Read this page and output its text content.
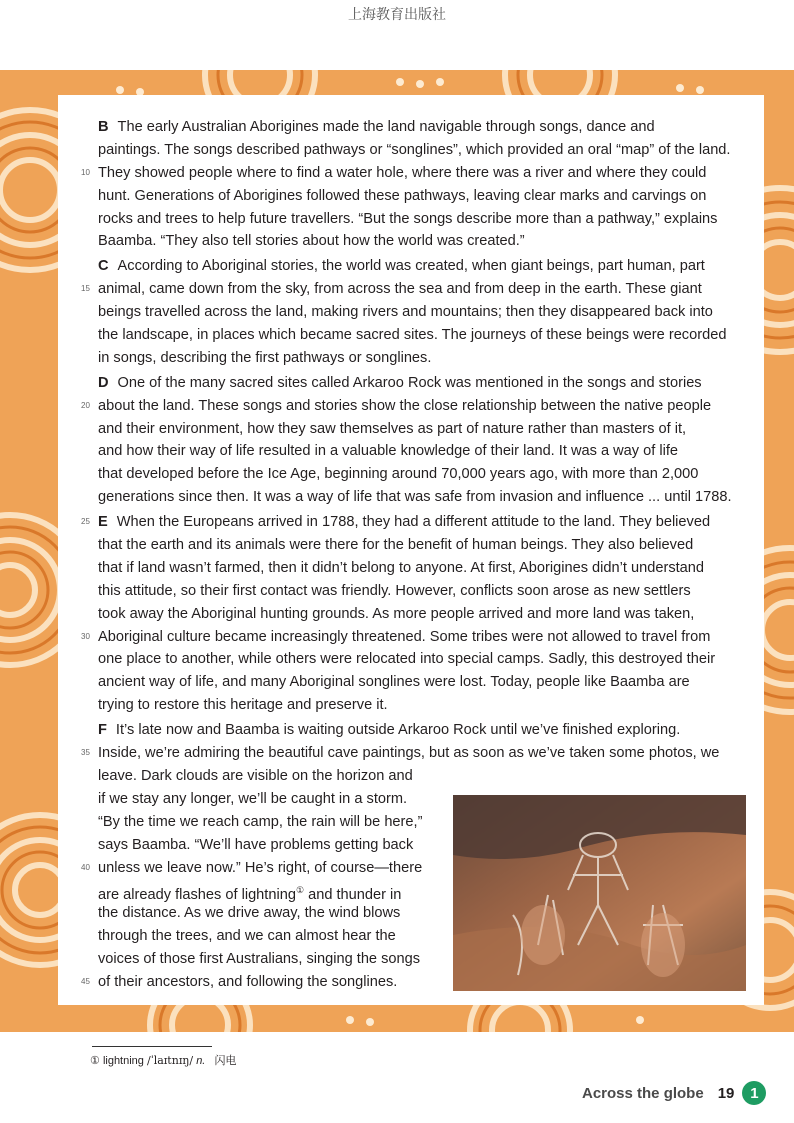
上海教育出版社
B The early Australian Aborigines made the land navigable through songs, dance and
paintings. The songs described pathways or “songlines”, which provided an oral “map” of the land.
10 They showed people where to find a water hole, where there was a river and where they could
hunt. Generations of Aborigines followed these pathways, leaving clear marks and carvings on
rocks and trees to help future travellers. “But the songs describe more than a pathway,” explains
Baamba. “They also tell stories about how the world was created.”
C According to Aboriginal stories, the world was created, when giant beings, part human, part
15 animal, came down from the sky, from across the sea and from deep in the earth. These giant
beings travelled across the land, making rivers and mountains; then they disappeared back into
the landscape, in places which became sacred sites. The journeys of these beings were recorded
in songs, describing the first pathways or songlines.
D One of the many sacred sites called Arkaroo Rock was mentioned in the songs and stories
20 about the land. These songs and stories show the close relationship between the native people
and their environment, how they saw themselves as part of nature rather than masters of it,
and how their way of life resulted in a valuable knowledge of their land. It was a way of life
that developed before the Ice Age, beginning around 70,000 years ago, with more than 2,000
generations since then. It was a way of life that was safe from invasion and influence ... until 1788.
25 E When the Europeans arrived in 1788, they had a different attitude to the land. They believed
that the earth and its animals were there for the benefit of human beings. They also believed
that if land wasn’t farmed, then it didn’t belong to anyone. At first, Aborigines didn’t understand
this attitude, so their first contact was friendly. However, conflicts soon arose as new settlers
took away the Aboriginal hunting grounds. As more people arrived and more land was taken,
30 Aboriginal culture became increasingly threatened. Some tribes were not allowed to travel from
one place to another, while others were relocated into special camps. Sadly, this destroyed their
ancient way of life, and many Aboriginal songlines were lost. Today, people like Baamba are
trying to restore this heritage and preserve it.
F It’s late now and Baamba is waiting outside Arkaroo Rock until we’ve finished exploring.
35 Inside, we’re admiring the beautiful cave paintings, but as soon as we’ve taken some photos, we
leave. Dark clouds are visible on the horizon and
if we stay any longer, we’ll be caught in a storm.
“By the time we reach camp, the rain will be here,”
says Baamba. “We’ll have problems getting back
40 unless we leave now.” He’s right, of course—there
are already flashes of lightning① and thunder in
the distance. As we drive away, the wind blows
through the trees, and we can almost hear the
voices of those first Australians, singing the songs
45 of their ancestors, and following the songlines.
① lightning /ˈlaɪtnɪŋ/ n. 闪电
Across the globe 19	1
